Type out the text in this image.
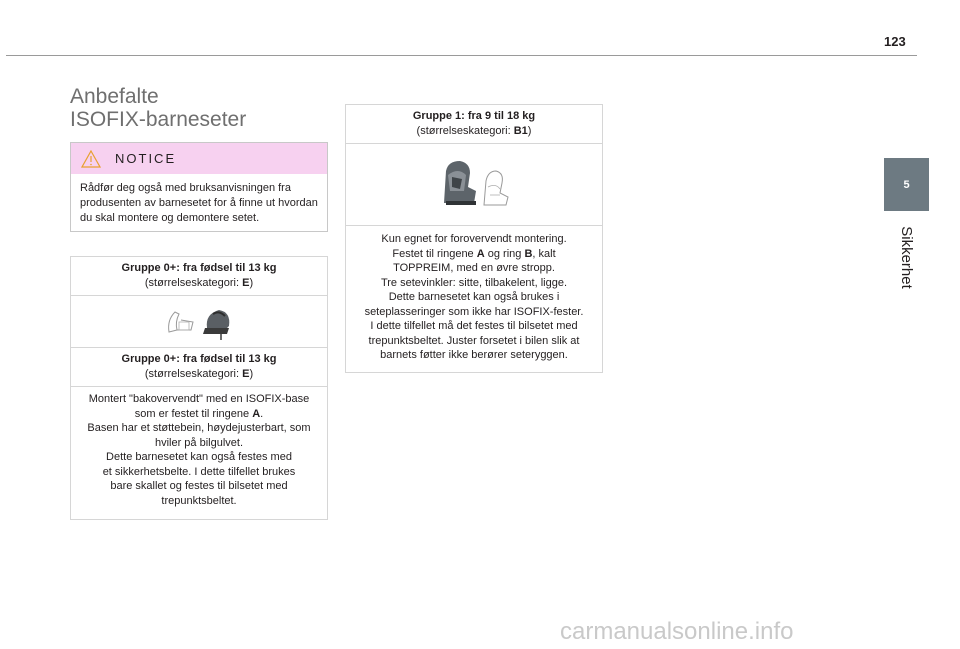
123
5
Sikkerhet
Anbefalte
ISOFIX-barneseter
NOTICE
Rådfør deg også med bruksanvisningen fra produsenten av barnesetet for å finne ut hvordan du skal montere og demontere setet.
Gruppe 0+: fra fødsel til 13 kg
(størrelseskategori: E)
Gruppe 0+: fra fødsel til 13 kg
(størrelseskategori: E)
Montert "bakovervendt" med en ISOFIX-base
som er festet til ringene A.
Basen har et støttebein, høydejusterbart, som
hviler på bilgulvet.
Dette barnesetet kan også festes med
et sikkerhetsbelte. I dette tilfellet brukes
bare skallet og festes til bilsetet med
trepunktsbeltet.
Gruppe 1: fra 9 til 18 kg
(størrelseskategori: B1)
Kun egnet for forovervendt montering.
Festet til ringene A og ring B, kalt
TOPPREIM, med en øvre stropp.
Tre setevinkler: sitte, tilbakelent, ligge.
Dette barnesetet kan også brukes i
seteplasseringer som ikke har ISOFIX-fester.
I dette tilfellet må det festes til bilsetet med
trepunktsbeltet. Juster forsetet i bilen slik at
barnets føtter ikke berører seteryggen.
carmanualsonline.info
